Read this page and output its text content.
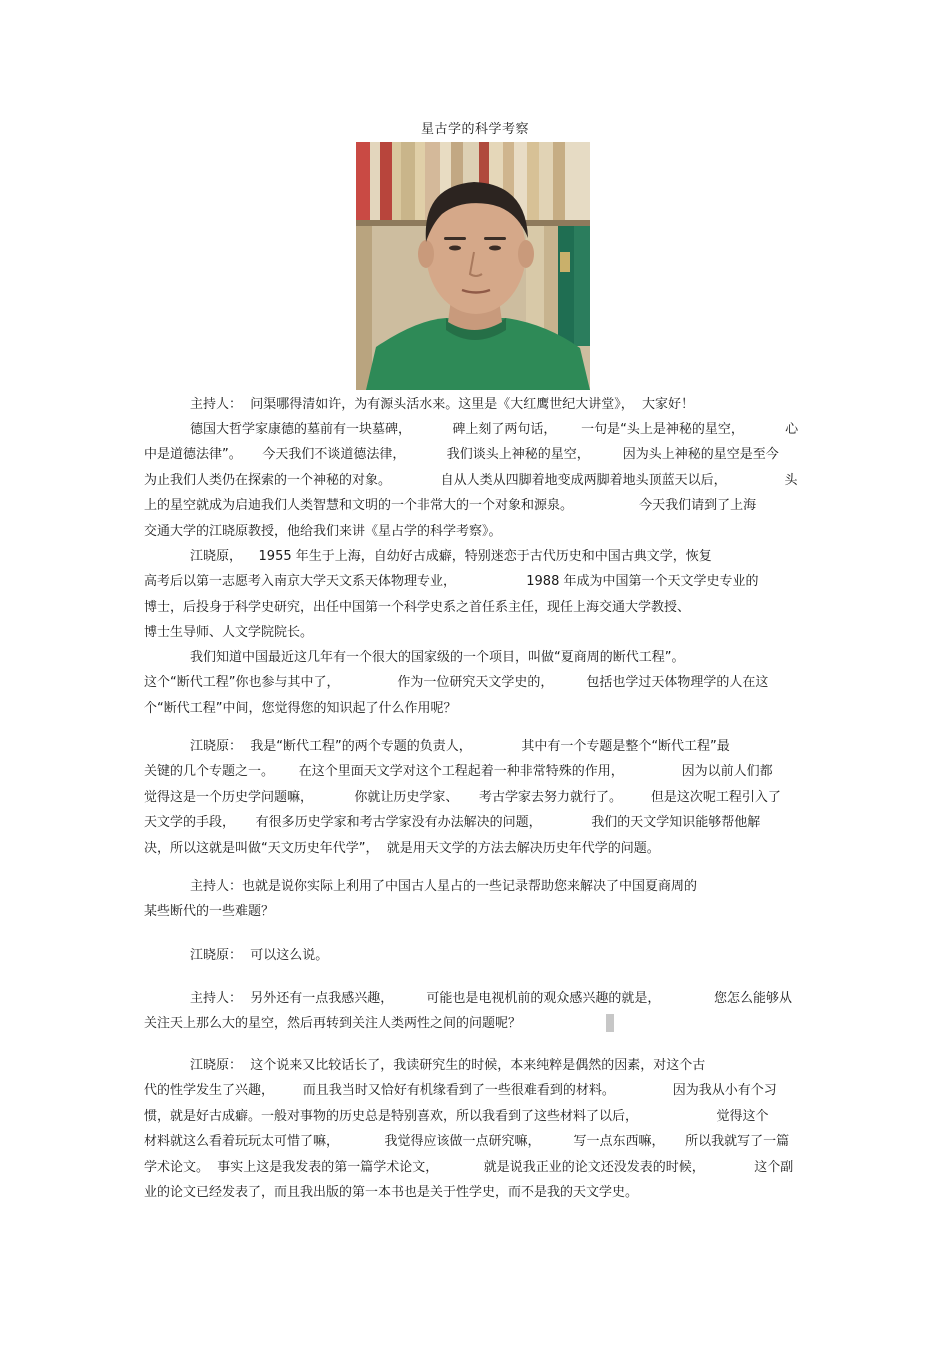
星古学的科学考察
主持人：  问渠哪得清如许，为有源头活水来。这里是《大红鹰世纪大讲堂》，  大家好！
德国大哲学家康德的墓前有一块墓碑，          碑上刻了两句话，      一句是“头上是神秘的星空，          心
中是道德法律”。     今天我们不谈道德法律，          我们谈头上神秘的星空，        因为头上神秘的星空是至今
为止我们人类仍在探索的一个神秘的对象。            自从人类从四脚着地变成两脚着地头顶蓝天以后，              头
上的星空就成为启迪我们人类智慧和文明的一个非常大的一个对象和源泉。                今天我们请到了上海
交通大学的江晓原教授，他给我们来讲《星占学的科学考察》。
江晓原，    1955 年生于上海，自幼好古成癖，特别迷恋于古代历史和中国古典文学，恢复
高考后以第一志愿考入南京大学天文系天体物理专业，                 1988 年成为中国第一个天文学史专业的
博士，后投身于科学史研究，出任中国第一个科学史系之首任系主任，现任上海交通大学教授、
博士生导师、人文学院院长。
我们知道中国最近这几年有一个很大的国家级的一个项目，叫做“夏商周的断代工程”。
这个“断代工程”你也参与其中了，              作为一位研究天文学史的，        包括也学过天体物理学的人在这
个“断代工程”中间，您觉得您的知识起了什么作用呢？
江晓原：  我是“断代工程”的两个专题的负责人，            其中有一个专题是整个“断代工程”最
关键的几个专题之一。      在这个里面天文学对这个工程起着一种非常特殊的作用，              因为以前人们都
觉得这是一个历史学问题嘛，          你就让历史学家、     考古学家去努力就行了。       但是这次呢工程引入了
天文学的手段，     有很多历史学家和考古学家没有办法解决的问题，            我们的天文学知识能够帮他解
决，所以这就是叫做“天文历史年代学”，  就是用天文学的方法去解决历史年代学的问题。
主持人：也就是说你实际上利用了中国古人星占的一些记录帮助您来解决了中国夏商周的
某些断代的一些难题？
江晓原：  可以这么说。
主持人：  另外还有一点我感兴趣，        可能也是电视机前的观众感兴趣的就是，             您怎么能够从
关注天上那么大的星空，然后再转到关注人类两性之间的问题呢？
江晓原：  这个说来又比较话长了，我读研究生的时候，本来纯粹是偶然的因素，对这个古
代的性学发生了兴趣，       而且我当时又恰好有机缘看到了一些很难看到的材料。              因为我从小有个习
惯，就是好古成癖。一般对事物的历史总是特别喜欢，所以我看到了这些材料了以后，                   觉得这个
材料就这么看着玩玩太可惜了嘛，           我觉得应该做一点研究嘛，        写一点东西嘛，     所以我就写了一篇
学术论文。  事实上这是我发表的第一篇学术论文，           就是说我正业的论文还没发表的时候，            这个副
业的论文已经发表了，而且我出版的第一本书也是关于性学史，而不是我的天文学史。
